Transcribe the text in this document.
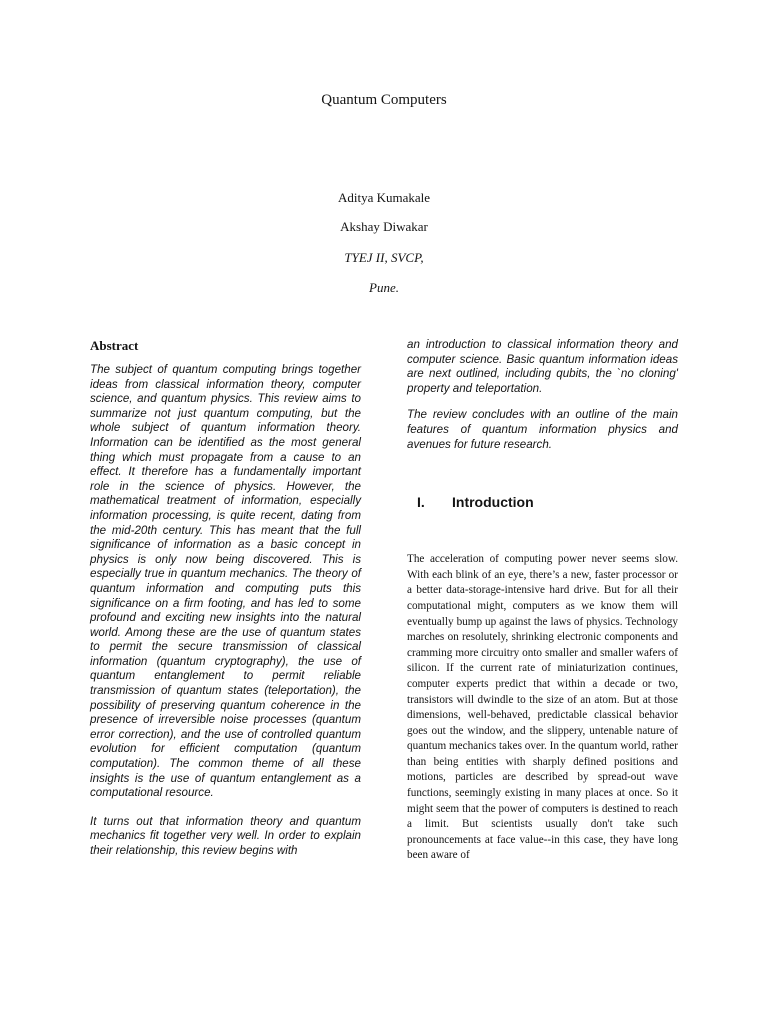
Quantum Computers
Aditya Kumakale
Akshay Diwakar
TYEJ II, SVCP,
Pune.
Abstract

The subject of quantum computing brings together ideas from classical information theory, computer science, and quantum physics. This review aims to summarize not just quantum computing, but the whole subject of quantum information theory. Information can be identified as the most general thing which must propagate from a cause to an effect. It therefore has a fundamentally important role in the science of physics. However, the mathematical treatment of information, especially information processing, is quite recent, dating from the mid-20th century. This has meant that the full significance of information as a basic concept in physics is only now being discovered. This is especially true in quantum mechanics. The theory of quantum information and computing puts this significance on a firm footing, and has led to some profound and exciting new insights into the natural world. Among these are the use of quantum states to permit the secure transmission of classical information (quantum cryptography), the use of quantum entanglement to permit reliable transmission of quantum states (teleportation), the possibility of preserving quantum coherence in the presence of irreversible noise processes (quantum error correction), and the use of controlled quantum evolution for efficient computation (quantum computation). The common theme of all these insights is the use of quantum entanglement as a computational resource.

It turns out that information theory and quantum mechanics fit together very well. In order to explain their relationship, this review begins with

an introduction to classical information theory and computer science. Basic quantum information ideas are next outlined, including qubits, the `no cloning' property and teleportation.

The review concludes with an outline of the main features of quantum information physics and avenues for future research.

I.	Introduction

The acceleration of computing power never seems slow. With each blink of an eye, there’s a new, faster processor or a better data-storage-intensive hard drive. But for all their computational might, computers as we know them will eventually bump up against the laws of physics. Technology marches on resolutely, shrinking electronic components and cramming more circuitry onto smaller and smaller wafers of silicon. If the current rate of miniaturization continues, computer experts predict that within a decade or two, transistors will dwindle to the size of an atom. But at those dimensions, well-behaved, predictable classical behavior goes out the window, and the slippery, untenable nature of quantum mechanics takes over. In the quantum world, rather than being entities with sharply defined positions and motions, particles are described by spread-out wave functions, seemingly existing in many places at once. So it might seem that the power of computers is destined to reach a limit. But scientists usually don't take such pronouncements at face value--in this case, they have long been aware of
